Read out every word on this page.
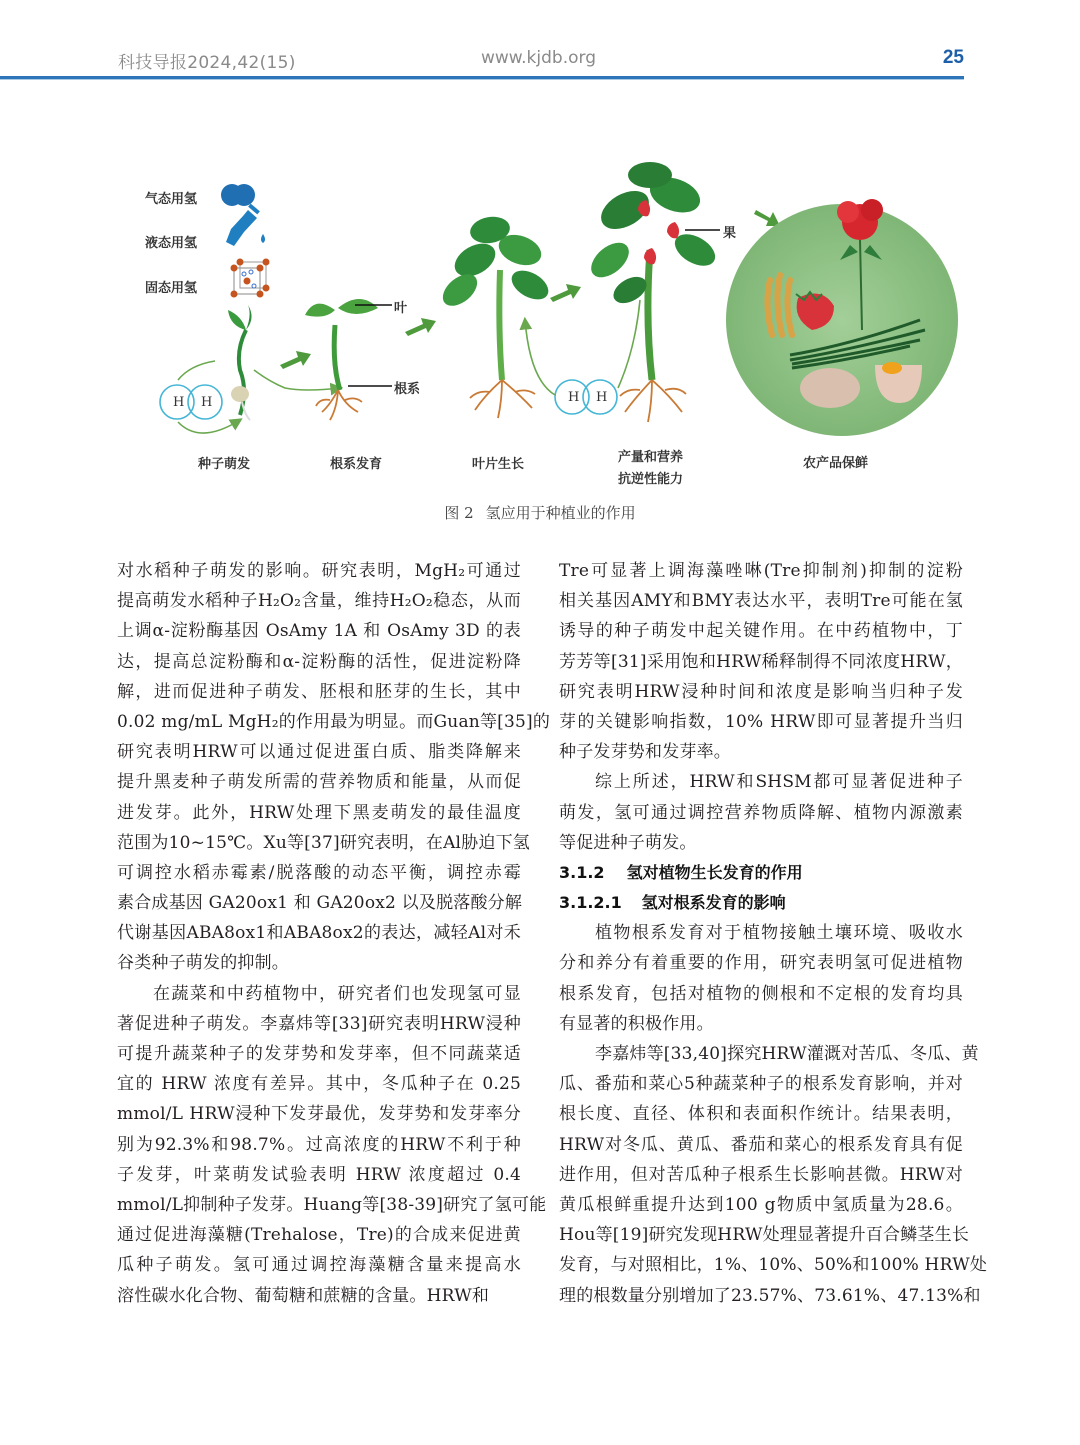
科技导报2024,42(15)	www.kjdb.org	25
气态用氢
液态用氢
固态用氢
H H	H H
叶
根系
果
种子萌发	根系发育	叶片生长	产量和营养
抗逆性能力
农产品保鲜
图 2 氢应用于种植业的作用
对水稻种子萌发的影响。研究表明，MgH₂可通过
提高萌发水稻种子H₂O₂含量，维持H₂O₂稳态，从而
上调α-淀粉酶基因 OsAmy 1A 和 OsAmy 3D 的表
达，提高总淀粉酶和α-淀粉酶的活性，促进淀粉降
解，进而促进种子萌发、胚根和胚芽的生长，其中
0.02 mg/mL MgH₂的作用最为明显。而Guan等[35]的
研究表明HRW可以通过促进蛋白质、脂类降解来
提升黑麦种子萌发所需的营养物质和能量，从而促
进发芽。此外，HRW处理下黑麦萌发的最佳温度
范围为10~15℃。Xu等[37]研究表明，在Al胁迫下氢
可调控水稻赤霉素/脱落酸的动态平衡，调控赤霉
素合成基因 GA20ox1 和 GA20ox2 以及脱落酸分解
代谢基因ABA8ox1和ABA8ox2的表达，减轻Al对禾
谷类种子萌发的抑制。
在蔬菜和中药植物中，研究者们也发现氢可显
著促进种子萌发。李嘉炜等[33]研究表明HRW浸种
可提升蔬菜种子的发芽势和发芽率，但不同蔬菜适
宜的 HRW 浓度有差异。其中，冬瓜种子在 0.25
mmol/L HRW浸种下发芽最优，发芽势和发芽率分
别为92.3%和98.7%。过高浓度的HRW不利于种
子发芽，叶菜萌发试验表明 HRW 浓度超过 0.4
mmol/L抑制种子发芽。Huang等[38-39]研究了氢可能
通过促进海藻糖(Trehalose，Tre)的合成来促进黄
瓜种子萌发。氢可通过调控海藻糖含量来提高水
溶性碳水化合物、葡萄糖和蔗糖的含量。HRW和
Tre可显著上调海藻唑啉(Tre抑制剂)抑制的淀粉
相关基因AMY和BMY表达水平，表明Tre可能在氢
诱导的种子萌发中起关键作用。在中药植物中，丁
芳芳等[31]采用饱和HRW稀释制得不同浓度HRW，
研究表明HRW浸种时间和浓度是影响当归种子发
芽的关键影响指数，10% HRW即可显著提升当归
种子发芽势和发芽率。
综上所述，HRW和SHSM都可显著促进种子
萌发，氢可通过调控营养物质降解、植物内源激素
等促进种子萌发。
3.1.2 氢对植物生长发育的作用
3.1.2.1 氢对根系发育的影响
植物根系发育对于植物接触土壤环境、吸收水
分和养分有着重要的作用，研究表明氢可促进植物
根系发育，包括对植物的侧根和不定根的发育均具
有显著的积极作用。
李嘉炜等[33,40]探究HRW灌溉对苦瓜、冬瓜、黄
瓜、番茄和菜心5种蔬菜种子的根系发育影响，并对
根长度、直径、体积和表面积作统计。结果表明，
HRW对冬瓜、黄瓜、番茄和菜心的根系发育具有促
进作用，但对苦瓜种子根系生长影响甚微。HRW对
黄瓜根鲜重提升达到100 g物质中氢质量为28.6。
Hou等[19]研究发现HRW处理显著提升百合鳞茎生长
发育，与对照相比，1%、10%、50%和100% HRW处
理的根数量分别增加了23.57%、73.61%、47.13%和
